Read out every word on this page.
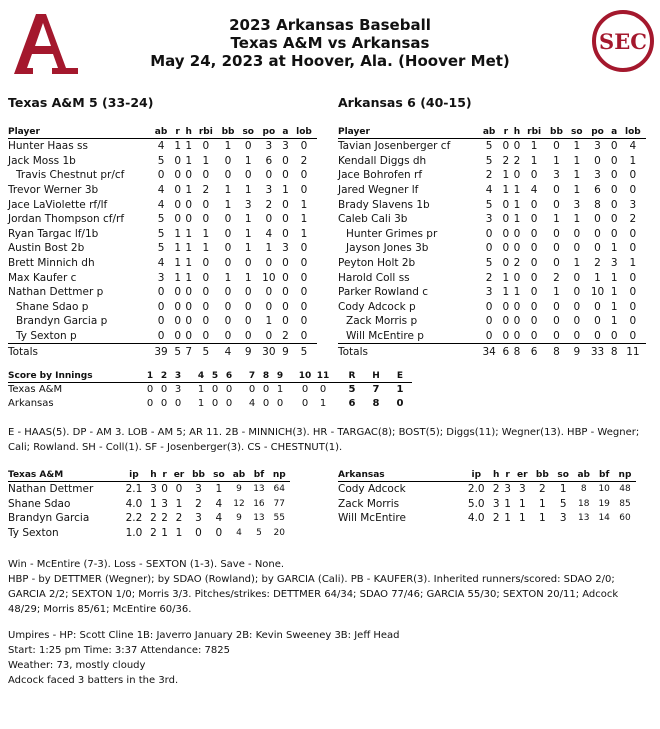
SEC
2023 Arkansas Baseball
Texas A&M vs Arkansas
May 24, 2023 at Hoover, Ala. (Hoover Met)
Texas A&M 5 (33-24)	Arkansas 6 (40-15)
Player	ab	r	h	rbi	bb	so	po	a	lob
Hunter Haas ss	4	1	1	0	1	0	3	3	0
Jack Moss 1b	5	0	1	1	0	1	6	0	2
Travis Chestnut pr/cf	0	0	0	0	0	0	0	0	0
Trevor Werner 3b	4	0	1	2	1	1	3	1	0
Jace LaViolette rf/lf	4	0	0	0	1	3	2	0	1
Jordan Thompson cf/rf	5	0	0	0	0	1	0	0	1
Ryan Targac lf/1b	5	1	1	1	0	1	4	0	1
Austin Bost 2b	5	1	1	1	0	1	1	3	0
Brett Minnich dh	4	1	1	0	0	0	0	0	0
Max Kaufer c	3	1	1	0	1	1	10	0	0
Nathan Dettmer p	0	0	0	0	0	0	0	0	0
Shane Sdao p	0	0	0	0	0	0	0	0	0
Brandyn Garcia p	0	0	0	0	0	0	1	0	0
Ty Sexton p	0	0	0	0	0	0	0	2	0
Totals	39	5	7	5	4	9	30	9	5
Player	ab	r	h	rbi	bb	so	po	a	lob
Tavian Josenberger cf	5	0	0	1	0	1	3	0	4
Kendall Diggs dh	5	2	2	1	1	1	0	0	1
Jace Bohrofen rf	2	1	0	0	3	1	3	0	0
Jared Wegner lf	4	1	1	4	0	1	6	0	0
Brady Slavens 1b	5	0	1	0	0	3	8	0	3
Caleb Cali 3b	3	0	1	0	1	1	0	0	2
Hunter Grimes pr	0	0	0	0	0	0	0	0	0
Jayson Jones 3b	0	0	0	0	0	0	0	1	0
Peyton Holt 2b	5	0	2	0	0	1	2	3	1
Harold Coll ss	2	1	0	0	2	0	1	1	0
Parker Rowland c	3	1	1	0	1	0	10	1	0
Cody Adcock p	0	0	0	0	0	0	0	1	0
Zack Morris p	0	0	0	0	0	0	0	1	0
Will McEntire p	0	0	0	0	0	0	0	0	0
Totals	34	6	8	6	8	9	33	8	11
Score by Innings	1	2	3	4	5	6	7	8	9	10	11	R	H	E
Texas A&M	0	0	3	1	0	0	0	0	1	0	0	5	7	1
Arkansas	0	0	0	1	0	0	4	0	0	0	1	6	8	0
E - HAAS(5). DP - AM 3. LOB - AM 5; AR 11. 2B - MINNICH(3). HR - TARGAC(8); BOST(5); Diggs(11); Wegner(13). HBP - Wegner; Cali; Rowland. SH - Coll(1). SF - Josenberger(3). CS - CHESTNUT(1).
Texas A&M	ip	h	r	er	bb	so	ab	bf	np
Nathan Dettmer	2.1	3	0	0	3	1	9	13	64
Shane Sdao	4.0	1	3	1	2	4	12	16	77
Brandyn Garcia	2.2	2	2	2	3	4	9	13	55
Ty Sexton	1.0	2	1	1	0	0	4	5	20
Arkansas	ip	h	r	er	bb	so	ab	bf	np
Cody Adcock	2.0	2	3	3	2	1	8	10	48
Zack Morris	5.0	3	1	1	1	5	18	19	85
Will McEntire	4.0	2	1	1	1	3	13	14	60
Win - McEntire (7-3). Loss - SEXTON (1-3). Save - None.
HBP - by DETTMER (Wegner); by SDAO (Rowland); by GARCIA (Cali). PB - KAUFER(3). Inherited runners/scored: SDAO 2/0; GARCIA 2/2; SEXTON 1/0; Morris 3/3. Pitches/strikes: DETTMER 64/34; SDAO 77/46; GARCIA 55/30; SEXTON 20/11; Adcock 48/29; Morris 85/61; McEntire 60/36.
Umpires - HP: Scott Cline 1B: Javerro January 2B: Kevin Sweeney 3B: Jeff Head
Start: 1:25 pm Time: 3:37 Attendance: 7825
Weather: 73, mostly cloudy
Adcock faced 3 batters in the 3rd.
